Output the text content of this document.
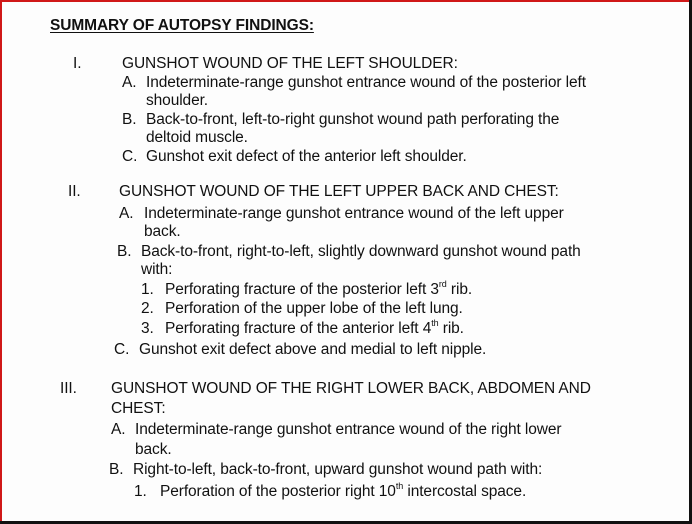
SUMMARY OF AUTOPSY FINDINGS:
I.	GUNSHOT WOUND OF THE LEFT SHOULDER:
A. Indeterminate-range gunshot entrance wound of the posterior left
shoulder.
B. Back-to-front, left-to-right gunshot wound path perforating the
deltoid muscle.
C. Gunshot exit defect of the anterior left shoulder.
II. GUNSHOT WOUND OF THE LEFT UPPER BACK AND CHEST:
A. Indeterminate-range gunshot entrance wound of the left upper
back.
B. Back-to-front, right-to-left, slightly downward gunshot wound path
with:
1. Perforating fracture of the posterior left 3rd rib.
2. Perforation of the upper lobe of the left lung.
3. Perforating fracture of the anterior left 4th rib.
C. Gunshot exit defect above and medial to left nipple.
III. GUNSHOT WOUND OF THE RIGHT LOWER BACK, ABDOMEN AND
CHEST:
A. Indeterminate-range gunshot entrance wound of the right lower
back.
B. Right-to-left, back-to-front, upward gunshot wound path with:
1. Perforation of the posterior right 10th intercostal space.
